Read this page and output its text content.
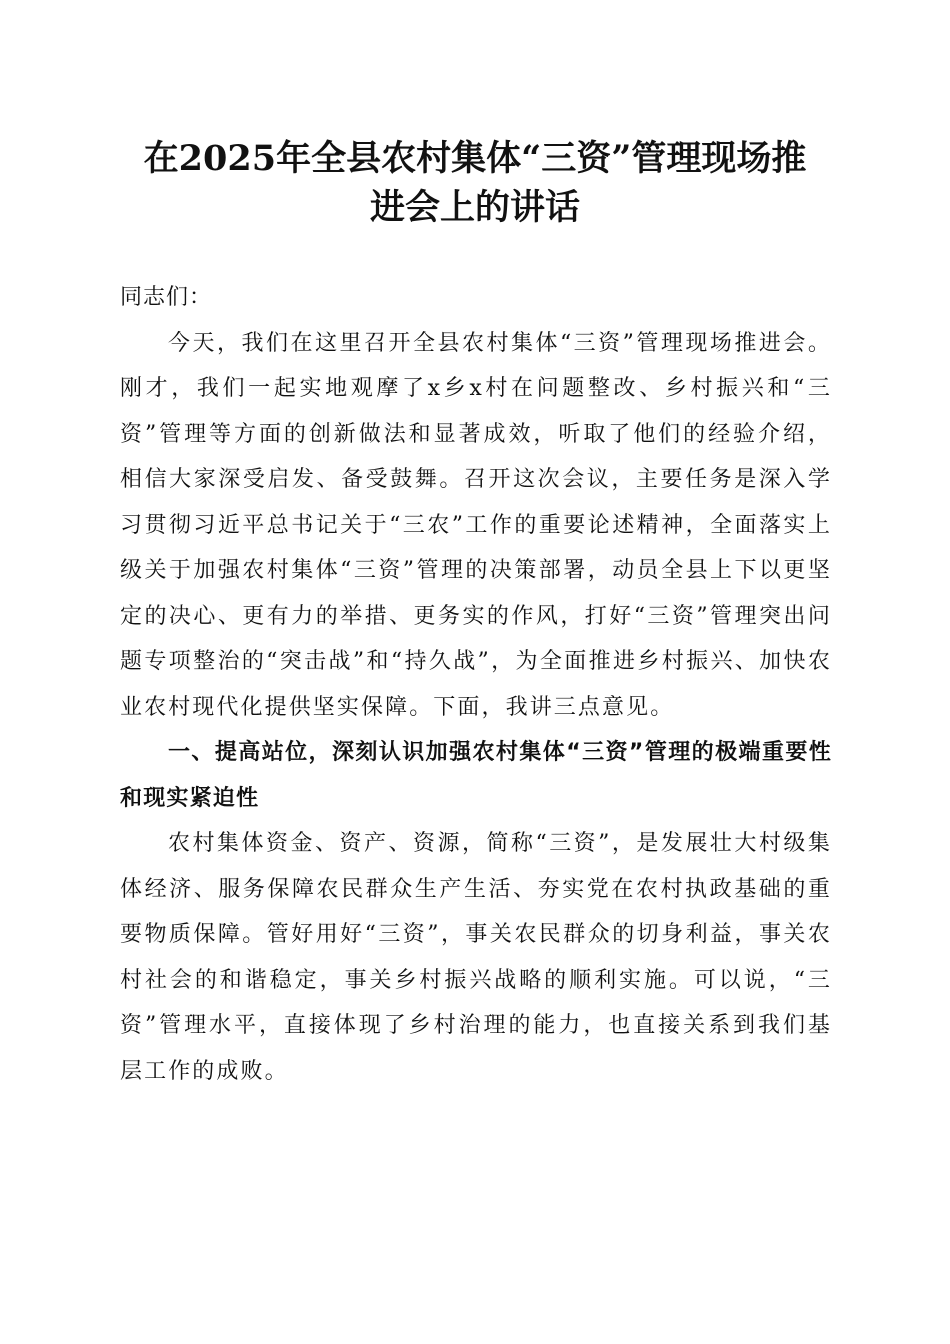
在2025年全县农村集体“三资”管理现场推
进会上的讲话

同志们：

今天，我们在这里召开全县农村集体“三资”管理现场推进会。刚才，我们一起实地观摩了x乡x村在问题整改、乡村振兴和“三资”管理等方面的创新做法和显著成效，听取了他们的经验介绍，相信大家深受启发、备受鼓舞。召开这次会议，主要任务是深入学习贯彻习近平总书记关于“三农”工作的重要论述精神，全面落实上级关于加强农村集体“三资”管理的决策部署，动员全县上下以更坚定的决心、更有力的举措、更务实的作风，打好“三资”管理突出问题专项整治的“突击战”和“持久战”，为全面推进乡村振兴、加快农业农村现代化提供坚实保障。下面，我讲三点意见。

一、提高站位，深刻认识加强农村集体“三资”管理的极端重要性和现实紧迫性

农村集体资金、资产、资源，简称“三资”，是发展壮大村级集体经济、服务保障农民群众生产生活、夯实党在农村执政基础的重要物质保障。管好用好“三资”，事关农民群众的切身利益，事关农村社会的和谐稳定，事关乡村振兴战略的顺利实施。可以说，“三资”管理水平，直接体现了乡村治理的能力，也直接关系到我们基层工作的成败。
